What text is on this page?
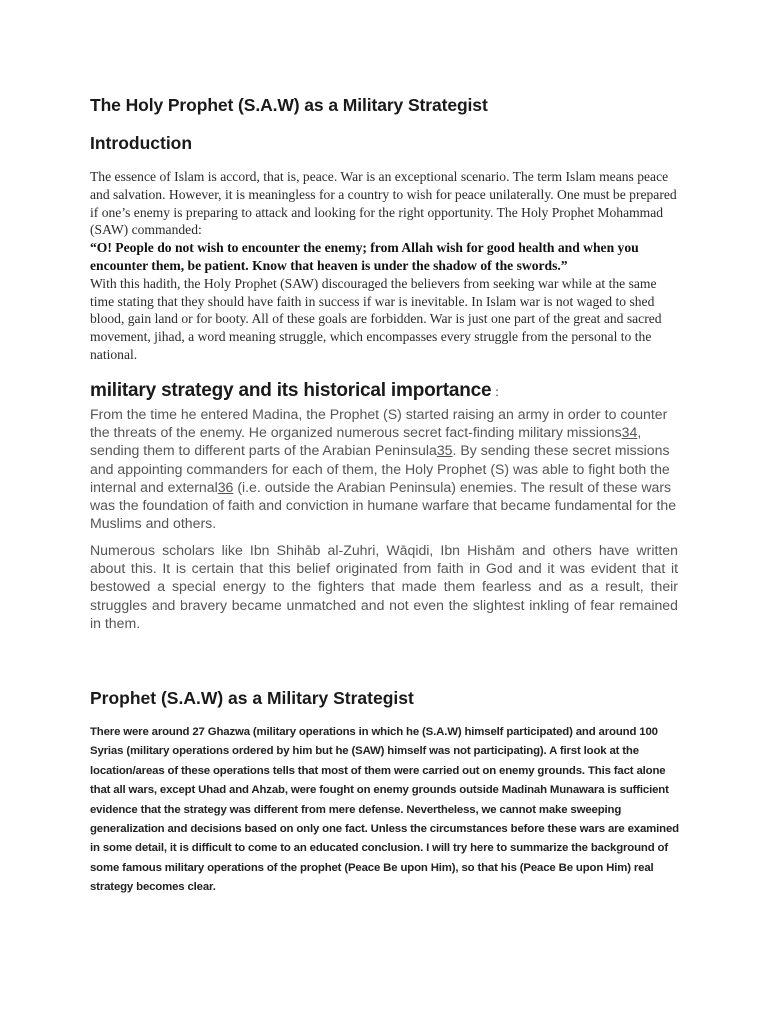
The Holy Prophet (S.A.W) as a Military Strategist
Introduction

The essence of Islam is accord, that is, peace. War is an exceptional scenario. The term Islam means peace and salvation. However, it is meaningless for a country to wish for peace unilaterally. One must be prepared if one’s enemy is preparing to attack and looking for the right opportunity. The Holy Prophet Mohammad (SAW) commanded:

“O! People do not wish to encounter the enemy; from Allah wish for good health and when you encounter them, be patient. Know that heaven is under the shadow of the swords.”

With this hadith, the Holy Prophet (SAW) discouraged the believers from seeking war while at the same time stating that they should have faith in success if war is inevitable. In Islam war is not waged to shed blood, gain land or for booty. All of these goals are forbidden. War is just one part of the great and sacred movement, jihad, a word meaning struggle, which encompasses every struggle from the personal to the national.

military strategy and its historical importance :

From the time he entered Madina, the Prophet (S) started raising an army in order to counter the threats of the enemy. He organized numerous secret fact-finding military missions34, sending them to different parts of the Arabian Peninsula35. By sending these secret missions and appointing commanders for each of them, the Holy Prophet (S) was able to fight both the internal and external36 (i.e. outside the Arabian Peninsula) enemies. The result of these wars was the foundation of faith and conviction in humane warfare that became fundamental for the Muslims and others.

Numerous scholars like Ibn Shihāb al-Zuhri, Wāqidi, Ibn Hishām and others have written about this. It is certain that this belief originated from faith in God and it was evident that it bestowed a special energy to the fighters that made them fearless and as a result, their struggles and bravery became unmatched and not even the slightest inkling of fear remained in them.

Prophet (S.A.W) as a Military Strategist

There were around 27 Ghazwa (military operations in which he (S.A.W) himself participated) and around 100 Syrias (military operations ordered by him but he (SAW) himself was not participating). A first look at the location/areas of these operations tells that most of them were carried out on enemy grounds. This fact alone that all wars, except Uhad and Ahzab, were fought on enemy grounds outside Madinah Munawara is sufficient evidence that the strategy was different from mere defense. Nevertheless, we cannot make sweeping generalization and decisions based on only one fact. Unless the circumstances before these wars are examined in some detail, it is difficult to come to an educated conclusion. I will try here to summarize the background of some famous military operations of the prophet (Peace Be upon Him), so that his (Peace Be upon Him) real strategy becomes clear.
